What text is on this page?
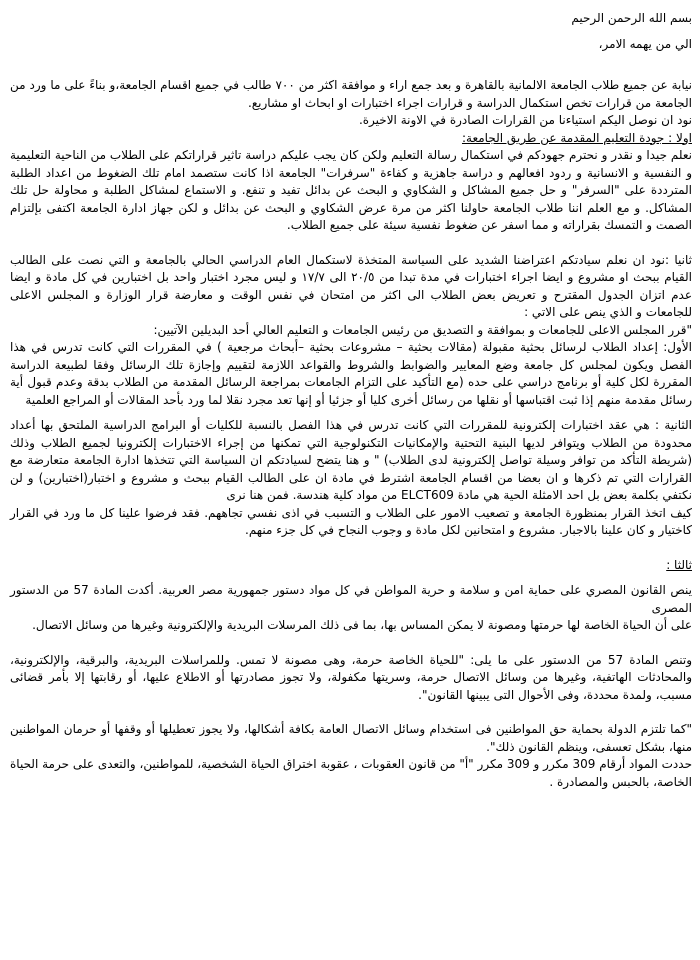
بسم الله الرحمن الرحيم

الي من يهمه الامر،

نيابة عن جميع طلاب الجامعة الالمانية بالقاهرة و بعد جمع اراء و موافقة اكثر من ٧٠٠ طالب في جميع اقسام الجامعة،و بناءً على ما ورد من الجامعة من قرارات تخص استكمال الدراسة و قرارات اجراء اختبارات او ابحاث او مشاريع.

نود ان نوصل اليكم استياءنا من القرارات الصادرة في الاونة الاخيرة.

اولا : جودة التعليم المقدمة عن طريق الجامعة:

نعلم جيدا و نقدر و نحترم جهودكم في استكمال رسالة التعليم ولكن كان يجب عليكم دراسة تاثير قراراتكم على الطلاب من الناحية التعليمية و النفسية و الانسانية و ردود افعالهم و دراسة جاهزية و كفاءة "سرفرات" الجامعة اذا كانت ستصمد امام تلك الضغوط من اعداد الطلبة المترددة على "السرفر" و حل جميع المشاكل و الشكاوي و البحث عن بدائل تفيد و تنفع. و الاستماع لمشاكل الطلبة و محاولة حل تلك المشاكل. و مع العلم اننا طلاب الجامعة حاولنا اكثر من مرة عرض الشكاوي و البحث عن بدائل و لكن جهاز ادارة الجامعة اكتفى بإلتزام الصمت و التمسك بقراراته و مما اسفر عن ضغوط نفسية سيئة على جميع الطلاب.

ثانيا :نود ان نعلم سيادتكم اعتراضنا الشديد على السياسة المتخذة لاستكمال العام الدراسي الحالي بالجامعة و التي نصت على الطالب القيام ببحث او مشروع و ايضا اجراء اختبارات في مدة تبدا من ٢٠/٥ الى ١٧/٧ و ليس مجرد اختبار واحد بل اختبارين في كل مادة و ايضا عدم اتزان الجدول المقترح و تعريض بعض الطلاب الى اكثر من امتحان في نفس الوقت و معارضة قرار الوزارة و المجلس الاعلى للجامعات و الذي ينص على الاتي :

"قرر المجلس الاعلى للجامعات و بموافقة و التصديق من رئيس الجامعات و التعليم العالي أحد البديلين الآتيين:

الأول: إعداد الطلاب لرسائل بحثية مقبولة (مقالات بحثية – مشروعات بحثية –أبحاث مرجعية ) في المقررات التي كانت تدرس في هذا الفصل ويكون لمجلس كل جامعة وضع المعايير والضوابط والشروط والقواعد اللازمة لتقييم وإجازة تلك الرسائل وفقا لطبيعة الدراسة المقررة لكل كلية أو برنامج دراسي على حده (مع التأكيد على التزام الجامعات بمراجعة الرسائل المقدمة من الطلاب بدقة وعدم قبول أية رسائل مقدمة منهم إذا ثبت اقتباسها أو نقلها من رسائل أخرى كليا أو جزئيا أو إنها تعد مجرد نقلا لما ورد بأحد المقالات أو المراجع العلمية

الثانية : هي عقد اختبارات إلكترونية للمقررات التي كانت تدرس في هذا الفصل بالنسبة للكليات أو البرامج الدراسية الملتحق بها أعداد محدودة من الطلاب ويتوافر لديها البنية التحتية والإمكانيات التكنولوجية التي تمكنها من إجراء الاختبارات إلكترونيا لجميع الطلاب وذلك (شريطة التأكد من توافر وسيلة تواصل إلكترونية لدى الطلاب) " و هنا يتضح لسيادتكم ان السياسة التي تتخذها ادارة الجامعة متعارضة مع القرارات التي تم ذكرها و ان بعضا من اقسام الجامعة اشترط في مادة ان على الطالب القيام ببحث و مشروع و اختبار(اختبارين) و لن نكتفي بكلمة بعض بل احد الامثلة الحية هي مادة ELCT609 من مواد كلية هندسة. فمن هنا نرى

كيف اتخذ القرار بمنظورة الجامعة و تصعيب الامور على الطلاب و التسبب في اذى نفسي تجاههم. فقد فرضوا علينا كل ما ورد في القرار كاختيار و كان علينا بالاجبار. مشروع و امتحانين لكل مادة و وجوب النجاح في كل جزء منهم.

ثالثا :

ينص القانون المصري على حماية امن و سلامة و حرية المواطن في كل مواد دستور جمهورية مصر العربية. أكدت المادة 57 من الدستور المصرى

على أن الحياة الخاصة لها حرمتها ومصونة لا يمكن المساس بها، بما فى ذلك المرسلات البريدية والإلكترونية وغيرها من وسائل الاتصال.

وتنص المادة 57 من الدستور على ما يلى: "للحياة الخاصة حرمة، وهى مصونة لا تمس. وللمراسلات البريدية، والبرقية، والإلكترونية، والمحادثات الهاتفية، وغيرها من وسائل الاتصال حرمة، وسريتها مكفولة، ولا تجوز مصادرتها أو الاطلاع عليها، أو رقابتها إلا بأمر قضائى مسبب، ولمدة محددة، وفى الأحوال التى يبينها القانون".

"كما تلتزم الدولة بحماية حق المواطنين فى استخدام وسائل الاتصال العامة بكافة أشكالها، ولا يجوز تعطيلها أو وقفها أو حرمان المواطنين منها، بشكل تعسفى، وينظم القانون ذلك".

حددت المواد أرقام 309 مكرر و 309 مكرر "أ" من قانون العقوبات ، عقوبة اختراق الحياة الشخصية، للمواطنين، والتعدى على حرمة الحياة الخاصة، بالحبس والمصادرة .
